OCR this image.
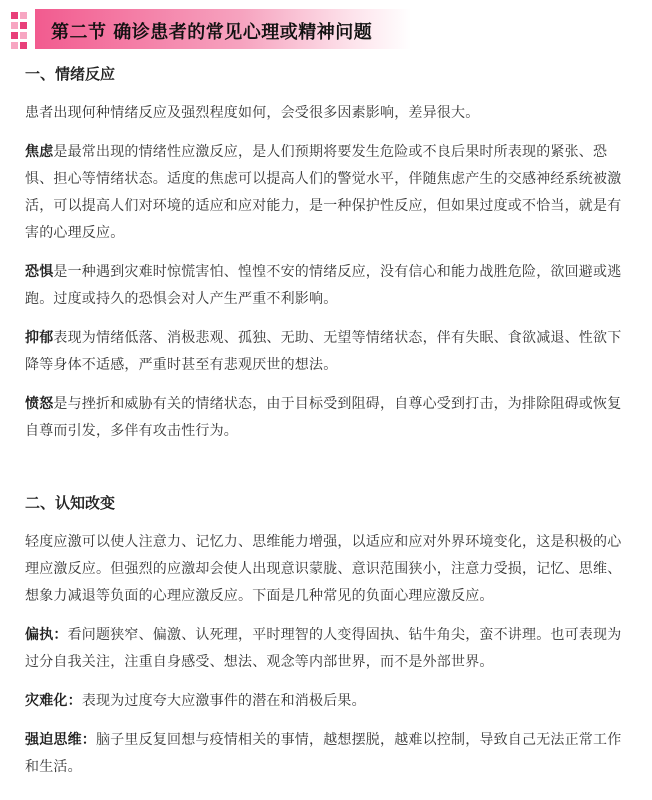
第二节 确诊患者的常见心理或精神问题
一、情绪反应

患者出现何种情绪反应及强烈程度如何，会受很多因素影响，差异很大。

焦虑是最常出现的情绪性应激反应，是人们预期将要发生危险或不良后果时所表现的紧张、恐惧、担心等情绪状态。适度的焦虑可以提高人们的警觉水平，伴随焦虑产生的交感神经系统被激活，可以提高人们对环境的适应和应对能力，是一种保护性反应，但如果过度或不恰当，就是有害的心理反应。

恐惧是一种遇到灾难时惊慌害怕、惶惶不安的情绪反应，没有信心和能力战胜危险，欲回避或逃跑。过度或持久的恐惧会对人产生严重不利影响。

抑郁表现为情绪低落、消极悲观、孤独、无助、无望等情绪状态，伴有失眠、食欲减退、性欲下降等身体不适感，严重时甚至有悲观厌世的想法。

愤怒是与挫折和威胁有关的情绪状态，由于目标受到阻碍，自尊心受到打击，为排除阻碍或恢复自尊而引发，多伴有攻击性行为。

二、认知改变

轻度应激可以使人注意力、记忆力、思维能力增强，以适应和应对外界环境变化，这是积极的心理应激反应。但强烈的应激却会使人出现意识蒙胧、意识范围狭小，注意力受损，记忆、思维、想象力减退等负面的心理应激反应。下面是几种常见的负面心理应激反应。

偏执：看问题狭窄、偏激、认死理，平时理智的人变得固执、钻牛角尖，蛮不讲理。也可表现为过分自我关注，注重自身感受、想法、观念等内部世界，而不是外部世界。

灾难化：表现为过度夸大应激事件的潜在和消极后果。

强迫思维：脑子里反复回想与疫情相关的事情，越想摆脱，越难以控制，导致自己无法正常工作和生活。
